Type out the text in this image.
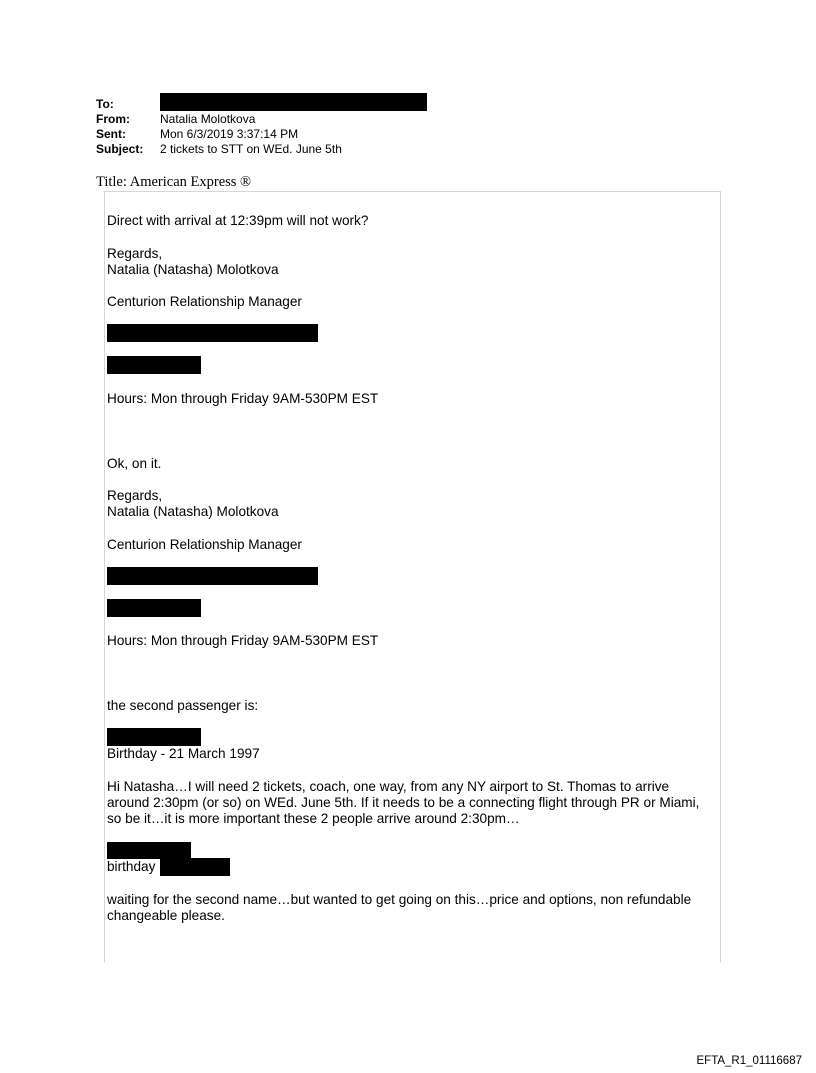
To:	]
From:	Natalia Molotkova
Sent:	Mon 6/3/2019 3:37:14 PM
Subject: 2 tickets to STT on WEd. June 5th
Title: American Express ®
Direct with arrival at 12:39pm will not work?
Regards,
Natalia (Natasha) Molotkova
Centurion Relationship Manager
Hours: Mon through Friday 9AM-530PM EST
Ok, on it.
Regards,
Natalia (Natasha) Molotkova
Centurion Relationship Manager
Hours: Mon through Friday 9AM-530PM EST
the second passenger is:
Birthday - 21 March 1997
Hi Natasha…I will need 2 tickets, coach, one way, from any NY airport to St. Thomas to arrive
around 2:30pm (or so) on WEd. June 5th. If it needs to be a connecting flight through PR or Miami,
so be it…it is more important these 2 people arrive around 2:30pm…
birthday
waiting for the second name…but wanted to get going on this…price and options, non refundable
changeable please.
EFTA_R1_01116687
